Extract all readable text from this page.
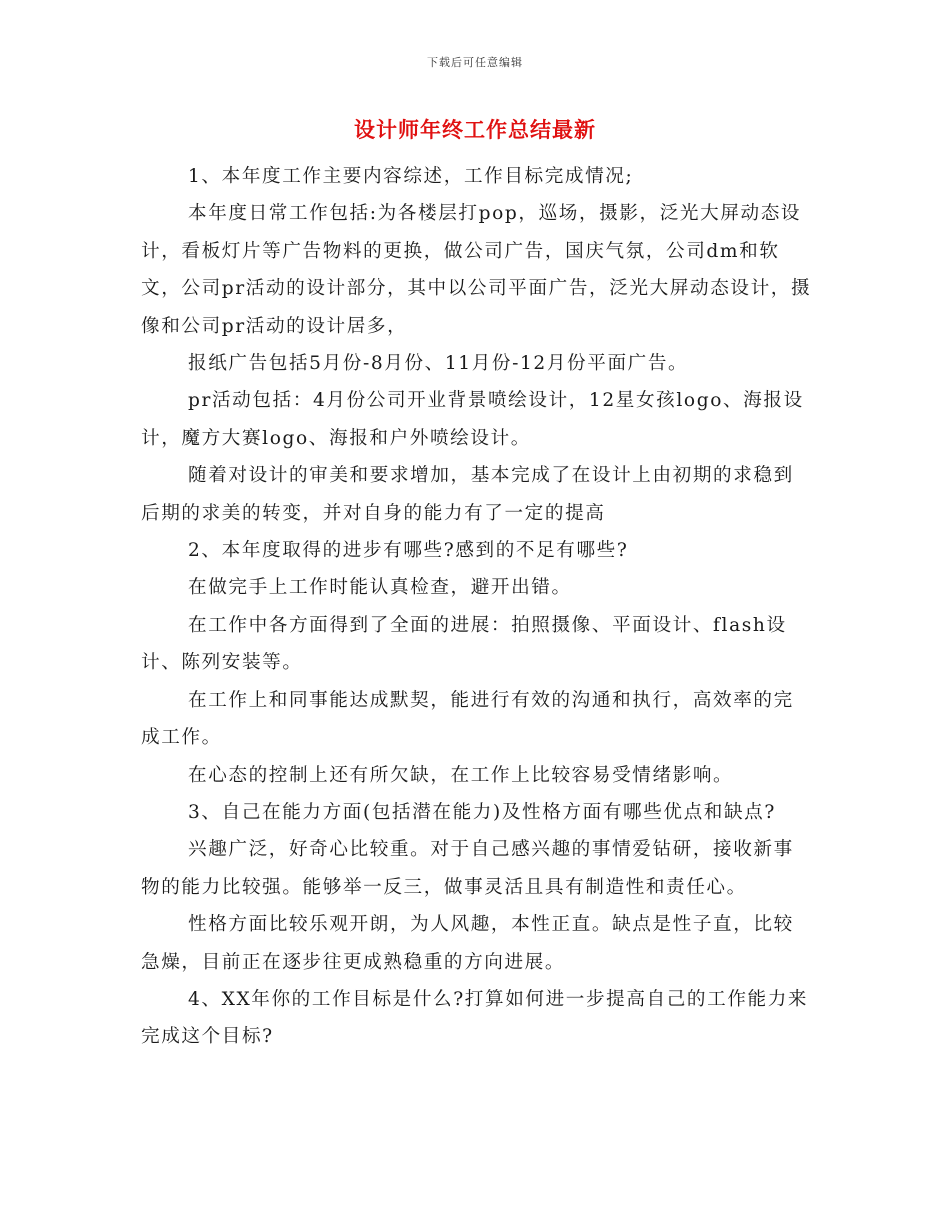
下载后可任意编辑
设计师年终工作总结最新

1、本年度工作主要内容综述，工作目标完成情况;

本年度日常工作包括:为各楼层打pop，巡场，摄影，泛光大屏动态设计，看板灯片等广告物料的更换，做公司广告，国庆气氛，公司dm和软文，公司pr活动的设计部分，其中以公司平面广告，泛光大屏动态设计，摄像和公司pr活动的设计居多，

报纸广告包括5月份-8月份、11月份-12月份平面广告。

pr活动包括：4月份公司开业背景喷绘设计，12星女孩logo、海报设计，魔方大赛logo、海报和户外喷绘设计。

随着对设计的审美和要求增加，基本完成了在设计上由初期的求稳到后期的求美的转变，并对自身的能力有了一定的提高

2、本年度取得的进步有哪些?感到的不足有哪些?

在做完手上工作时能认真检查，避开出错。

在工作中各方面得到了全面的进展：拍照摄像、平面设计、flash设计、陈列安装等。

在工作上和同事能达成默契，能进行有效的沟通和执行，高效率的完成工作。

在心态的控制上还有所欠缺，在工作上比较容易受情绪影响。

3、自己在能力方面(包括潜在能力)及性格方面有哪些优点和缺点?

兴趣广泛，好奇心比较重。对于自己感兴趣的事情爱钻研，接收新事物的能力比较强。能够举一反三，做事灵活且具有制造性和责任心。

性格方面比较乐观开朗，为人风趣，本性正直。缺点是性子直，比较急燥，目前正在逐步往更成熟稳重的方向进展。

4、XX年你的工作目标是什么?打算如何进一步提高自己的工作能力来完成这个目标?
